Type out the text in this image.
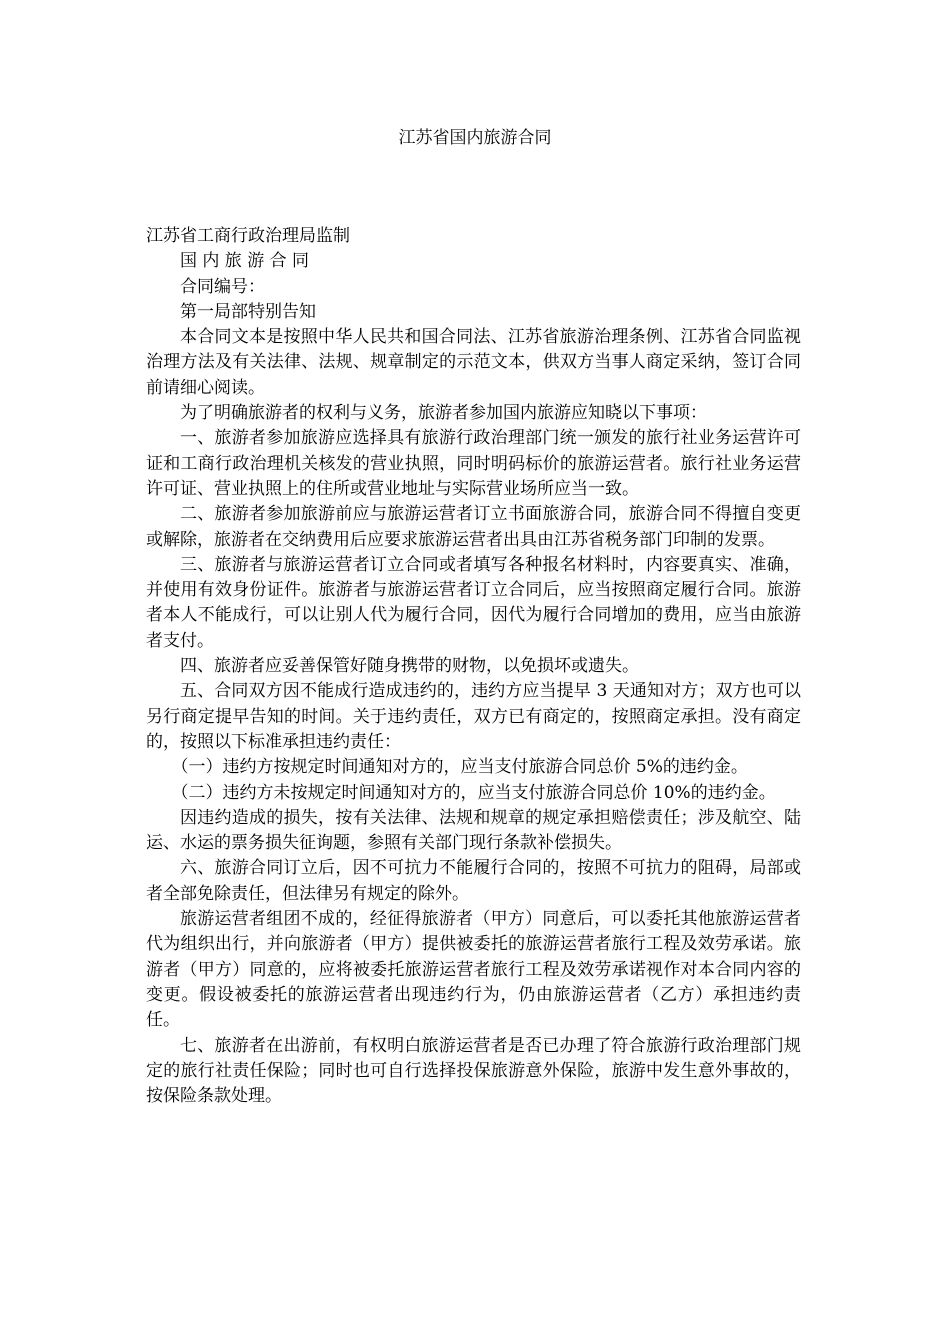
江苏省国内旅游合同

江苏省工商行政治理局监制

国 内 旅 游 合 同

合同编号：

第一局部特别告知

本合同文本是按照中华人民共和国合同法、江苏省旅游治理条例、江苏省合同监视治理方法及有关法律、法规、规章制定的示范文本，供双方当事人商定采纳，签订合同前请细心阅读。

为了明确旅游者的权利与义务，旅游者参加国内旅游应知晓以下事项：

一、旅游者参加旅游应选择具有旅游行政治理部门统一颁发的旅行社业务运营许可证和工商行政治理机关核发的营业执照，同时明码标价的旅游运营者。旅行社业务运营许可证、营业执照上的住所或营业地址与实际营业场所应当一致。

二、旅游者参加旅游前应与旅游运营者订立书面旅游合同，旅游合同不得擅自变更或解除，旅游者在交纳费用后应要求旅游运营者出具由江苏省税务部门印制的发票。

三、旅游者与旅游运营者订立合同或者填写各种报名材料时，内容要真实、准确，并使用有效身份证件。旅游者与旅游运营者订立合同后，应当按照商定履行合同。旅游者本人不能成行，可以让别人代为履行合同，因代为履行合同增加的费用，应当由旅游者支付。

四、旅游者应妥善保管好随身携带的财物，以免损坏或遗失。

五、合同双方因不能成行造成违约的，违约方应当提早 3 天通知对方；双方也可以另行商定提早告知的时间。关于违约责任，双方已有商定的，按照商定承担。没有商定的，按照以下标准承担违约责任：

（一）违约方按规定时间通知对方的，应当支付旅游合同总价 5%的违约金。

（二）违约方未按规定时间通知对方的，应当支付旅游合同总价 10%的违约金。

因违约造成的损失，按有关法律、法规和规章的规定承担赔偿责任；涉及航空、陆运、水运的票务损失征询题，参照有关部门现行条款补偿损失。

六、旅游合同订立后，因不可抗力不能履行合同的，按照不可抗力的阻碍，局部或者全部免除责任，但法律另有规定的除外。

旅游运营者组团不成的，经征得旅游者（甲方）同意后，可以委托其他旅游运营者代为组织出行，并向旅游者（甲方）提供被委托的旅游运营者旅行工程及效劳承诺。旅游者（甲方）同意的，应将被委托旅游运营者旅行工程及效劳承诺视作对本合同内容的变更。假设被委托的旅游运营者出现违约行为，仍由旅游运营者（乙方）承担违约责任。

七、旅游者在出游前，有权明白旅游运营者是否已办理了符合旅游行政治理部门规定的旅行社责任保险；同时也可自行选择投保旅游意外保险，旅游中发生意外事故的，按保险条款处理。
